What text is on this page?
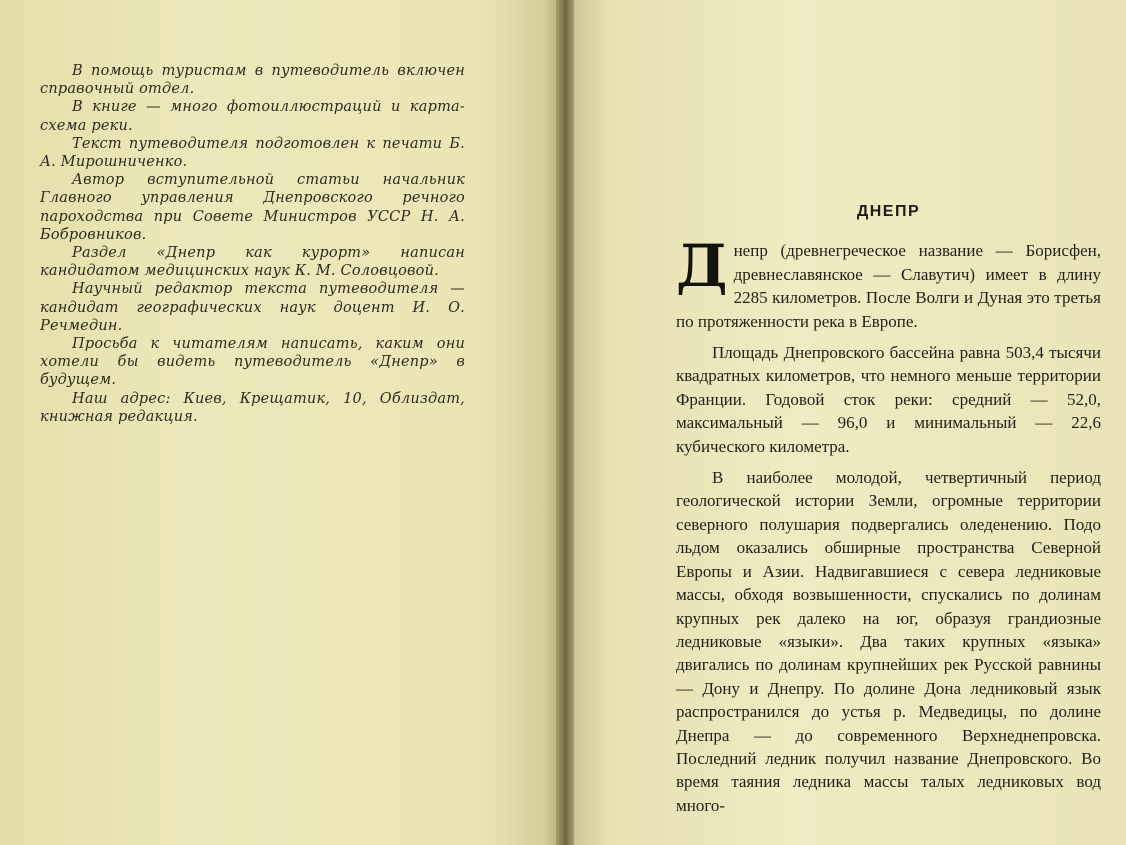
В помощь туристам в путеводитель включен справочный отдел.

В книге — много фотоиллюстраций и карта-схема реки.

Текст путеводителя подготовлен к печати Б. А. Мирошниченко.

Автор вступительной статьи начальник Главного управления Днепровского речного пароходства при Совете Министров УССР Н. А. Бобровников.

Раздел «Днепр как курорт» написан кандидатом медицинских наук К. М. Соловцовой.

Научный редактор текста путеводителя — кандидат географических наук доцент И. О. Речмедин.

Просьба к читателям написать, каким они хотели бы видеть путеводитель «Днепр» в будущем.

Наш адрес: Киев, Крещатик, 10, Облиздат, книжная редакция.

ДНЕПР

Днепр (древнегреческое название — Борисфен, древнеславянское — Славутич) имеет в длину 2285 километров. После Волги и Дуная это третья по протяженности река в Европе.

Площадь Днепровского бассейна равна 503,4 тысячи квадратных километров, что немного меньше территории Франции. Годовой сток реки: средний — 52,0, максимальный — 96,0 и минимальный — 22,6 кубического километра.

В наиболее молодой, четвертичный период геологической истории Земли, огромные территории северного полушария подвергались оледенению. Подо льдом оказались обширные пространства Северной Европы и Азии. Надвигавшиеся с севера ледниковые массы, обходя возвышенности, спускались по долинам крупных рек далеко на юг, образуя грандиозные ледниковые «языки». Два таких крупных «языка» двигались по долинам крупнейших рек Русской равнины — Дону и Днепру. По долине Дона ледниковый язык распространился до устья р. Медведицы, по долине Днепра — до современного Верхнеднепровска. Последний ледник получил название Днепровского. Во время таяния ледника массы талых ледниковых вод много-
